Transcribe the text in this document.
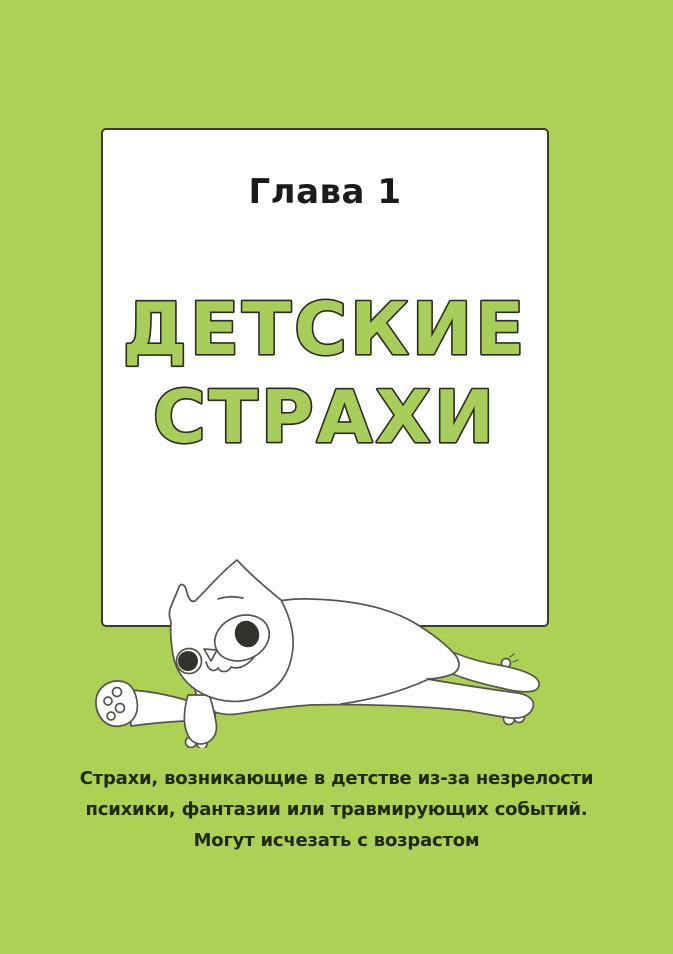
Глава 1
ДЕТСКИЕ
СТРАХИ
Страхи, возникающие в детстве из-за незрелости
психики, фантазии или травмирующих событий.
Могут исчезать с возрастом
